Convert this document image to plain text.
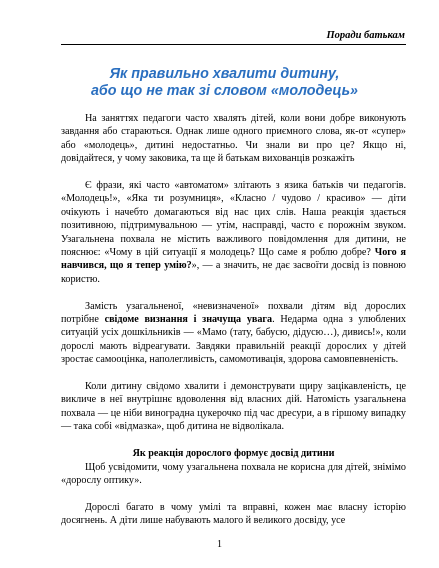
Поради батькам
Як правильно хвалити дитину,
або що не так зі словом «молодець»

На заняттях педагоги часто хвалять дітей, коли вони добре виконують завдання або стараються. Однак лише одного приємного слова, як-от «супер» або «молодець», дитині недостатньо. Чи знали ви про це? Якщо ні, довідайтеся, у чому заковика, та ще й батькам вихованців розкажіть

Є фрази, які часто «автоматом» злітають з язика батьків чи педагогів. «Молодець!», «Яка ти розумниця», «Класно / чудово / красиво» — діти очікують і начебто домагаються від нас цих слів. Наша реакція здається позитивною, підтримувальною — утім, насправді, часто є порожнім звуком. Узагальнена похвала не містить важливого повідомлення для дитини, не пояснює: «Чому в цій ситуації я молодець? Що саме я роблю добре? Чого я навчився, що я тепер умію?», — а значить, не дає засвоїти досвід із повною користю.

Замість узагальненої, «невизначеної» похвали дітям від дорослих потрібне свідоме визнання і значуща увага. Недарма одна з улюблених ситуацій усіх дошкільників — «Мамо (тату, бабусю, дідусю…), дивись!», коли дорослі мають відреагувати. Завдяки правильній реакції дорослих у дітей зростає самооцінка, наполегливість, самомотивація, здорова самовпевненість.

Коли дитину свідомо хвалити і демонструвати щиру зацікавленість, це викличе в неї внутрішнє вдоволення від власних дій. Натомість узагальнена похвала — це ніби виноградна цукерочко під час дресури, а в гіршому випадку — така собі «відмазка», щоб дитина не відволікала.

Як реакція дорослого формує досвід дитини

Щоб усвідомити, чому узагальнена похвала не корисна для дітей, знімімо «дорослу оптику».

Дорослі багато в чому умілі та вправні, кожен має власну історію досягнень. А діти лише набувають малого й великого досвіду, усе

1
